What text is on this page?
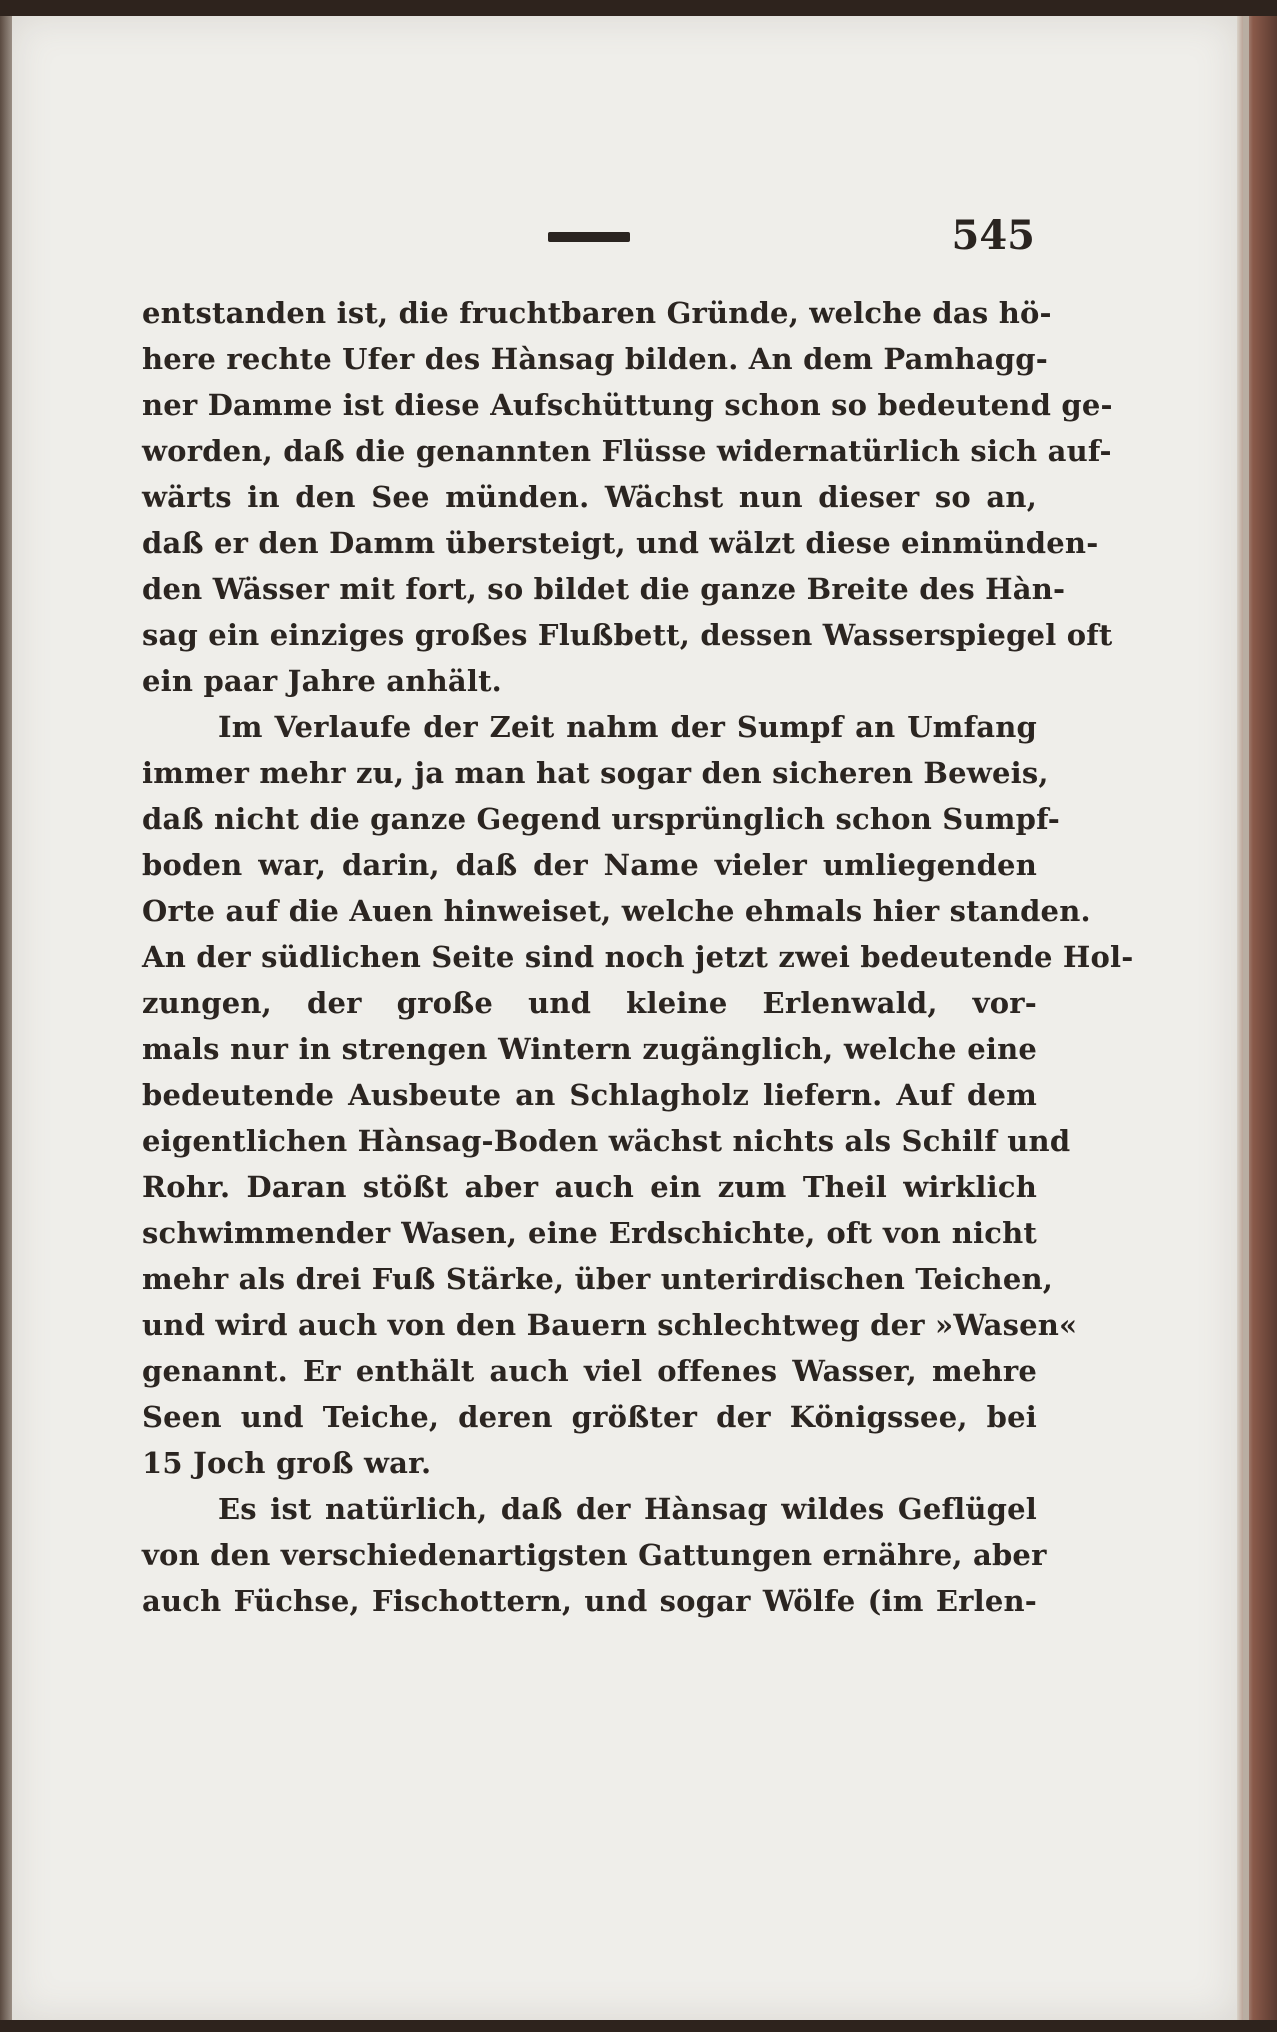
545
entstanden ist, die fruchtbaren Gründe, welche das hö-
here rechte Ufer des Hànsag bilden. An dem Pamhagg-
ner Damme ist diese Aufschüttung schon so bedeutend ge-
worden, daß die genannten Flüsse widernatürlich sich auf-
wärts in den See münden. Wächst nun dieser so an,
daß er den Damm übersteigt, und wälzt diese einmünden-
den Wässer mit fort, so bildet die ganze Breite des Hàn-
sag ein einziges großes Flußbett, dessen Wasserspiegel oft
ein paar Jahre anhält.
Im Verlaufe der Zeit nahm der Sumpf an Umfang
immer mehr zu, ja man hat sogar den sicheren Beweis,
daß nicht die ganze Gegend ursprünglich schon Sumpf-
boden war, darin, daß der Name vieler umliegenden
Orte auf die Auen hinweiset, welche ehmals hier standen.
An der südlichen Seite sind noch jetzt zwei bedeutende Hol-
zungen, der große und kleine Erlenwald, vor-
mals nur in strengen Wintern zugänglich, welche eine
bedeutende Ausbeute an Schlagholz liefern. Auf dem
eigentlichen Hànsag-Boden wächst nichts als Schilf und
Rohr. Daran stößt aber auch ein zum Theil wirklich
schwimmender Wasen, eine Erdschichte, oft von nicht
mehr als drei Fuß Stärke, über unterirdischen Teichen,
und wird auch von den Bauern schlechtweg der »Wasen«
genannt. Er enthält auch viel offenes Wasser, mehre
Seen und Teiche, deren größter der Königssee, bei
15 Joch groß war.
Es ist natürlich, daß der Hànsag wildes Geflügel
von den verschiedenartigsten Gattungen ernähre, aber
auch Füchse, Fischottern, und sogar Wölfe (im Erlen-
